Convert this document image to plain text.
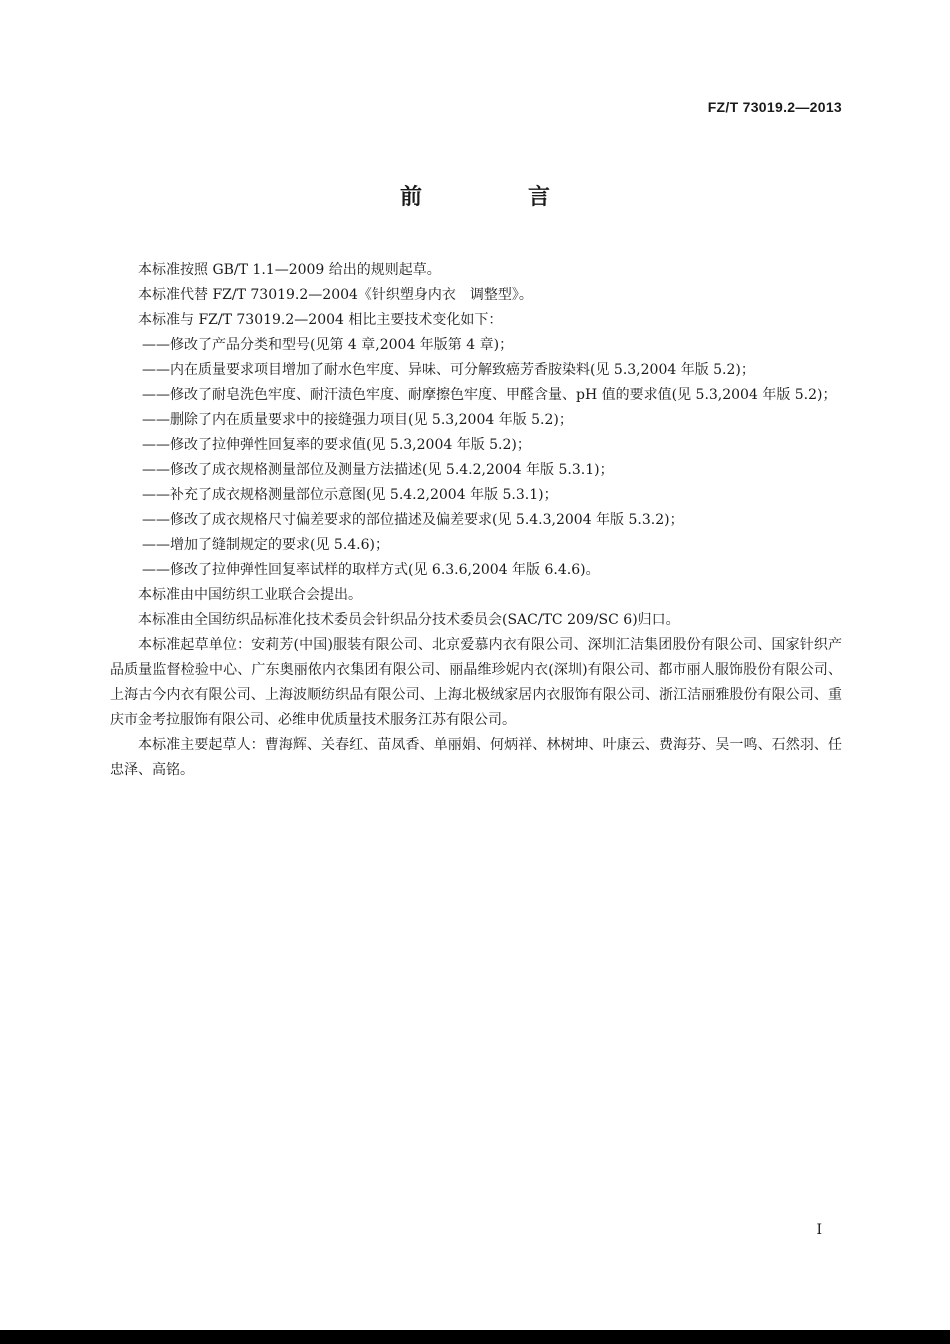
FZ/T 73019.2—2013
前　言

本标准按照 GB/T 1.1—2009 给出的规则起草。

本标准代替 FZ/T 73019.2—2004《针织塑身内衣　调整型》。

本标准与 FZ/T 73019.2—2004 相比主要技术变化如下：

——修改了产品分类和型号(见第 4 章,2004 年版第 4 章)；

——内在质量要求项目增加了耐水色牢度、异味、可分解致癌芳香胺染料(见 5.3,2004 年版 5.2)；

——修改了耐皂洗色牢度、耐汗渍色牢度、耐摩擦色牢度、甲醛含量、pH 值的要求值(见 5.3,2004 年版 5.2)；

——删除了内在质量要求中的接缝强力项目(见 5.3,2004 年版 5.2)；

——修改了拉伸弹性回复率的要求值(见 5.3,2004 年版 5.2)；

——修改了成衣规格测量部位及测量方法描述(见 5.4.2,2004 年版 5.3.1)；

——补充了成衣规格测量部位示意图(见 5.4.2,2004 年版 5.3.1)；

——修改了成衣规格尺寸偏差要求的部位描述及偏差要求(见 5.4.3,2004 年版 5.3.2)；

——增加了缝制规定的要求(见 5.4.6)；

——修改了拉伸弹性回复率试样的取样方式(见 6.3.6,2004 年版 6.4.6)。

本标准由中国纺织工业联合会提出。

本标准由全国纺织品标准化技术委员会针织品分技术委员会(SAC/TC 209/SC 6)归口。

本标准起草单位：安莉芳(中国)服装有限公司、北京爱慕内衣有限公司、深圳汇洁集团股份有限公司、国家针织产品质量监督检验中心、广东奥丽侬内衣集团有限公司、丽晶维珍妮内衣(深圳)有限公司、都市丽人服饰股份有限公司、上海古今内衣有限公司、上海波顺纺织品有限公司、上海北极绒家居内衣服饰有限公司、浙江洁丽雅股份有限公司、重庆市金考拉服饰有限公司、必维申优质量技术服务江苏有限公司。

本标准主要起草人：曹海辉、关春红、苗凤香、单丽娟、何炳祥、林树坤、叶康云、费海芬、吴一鸣、石然羽、任忠泽、高铭。

I
